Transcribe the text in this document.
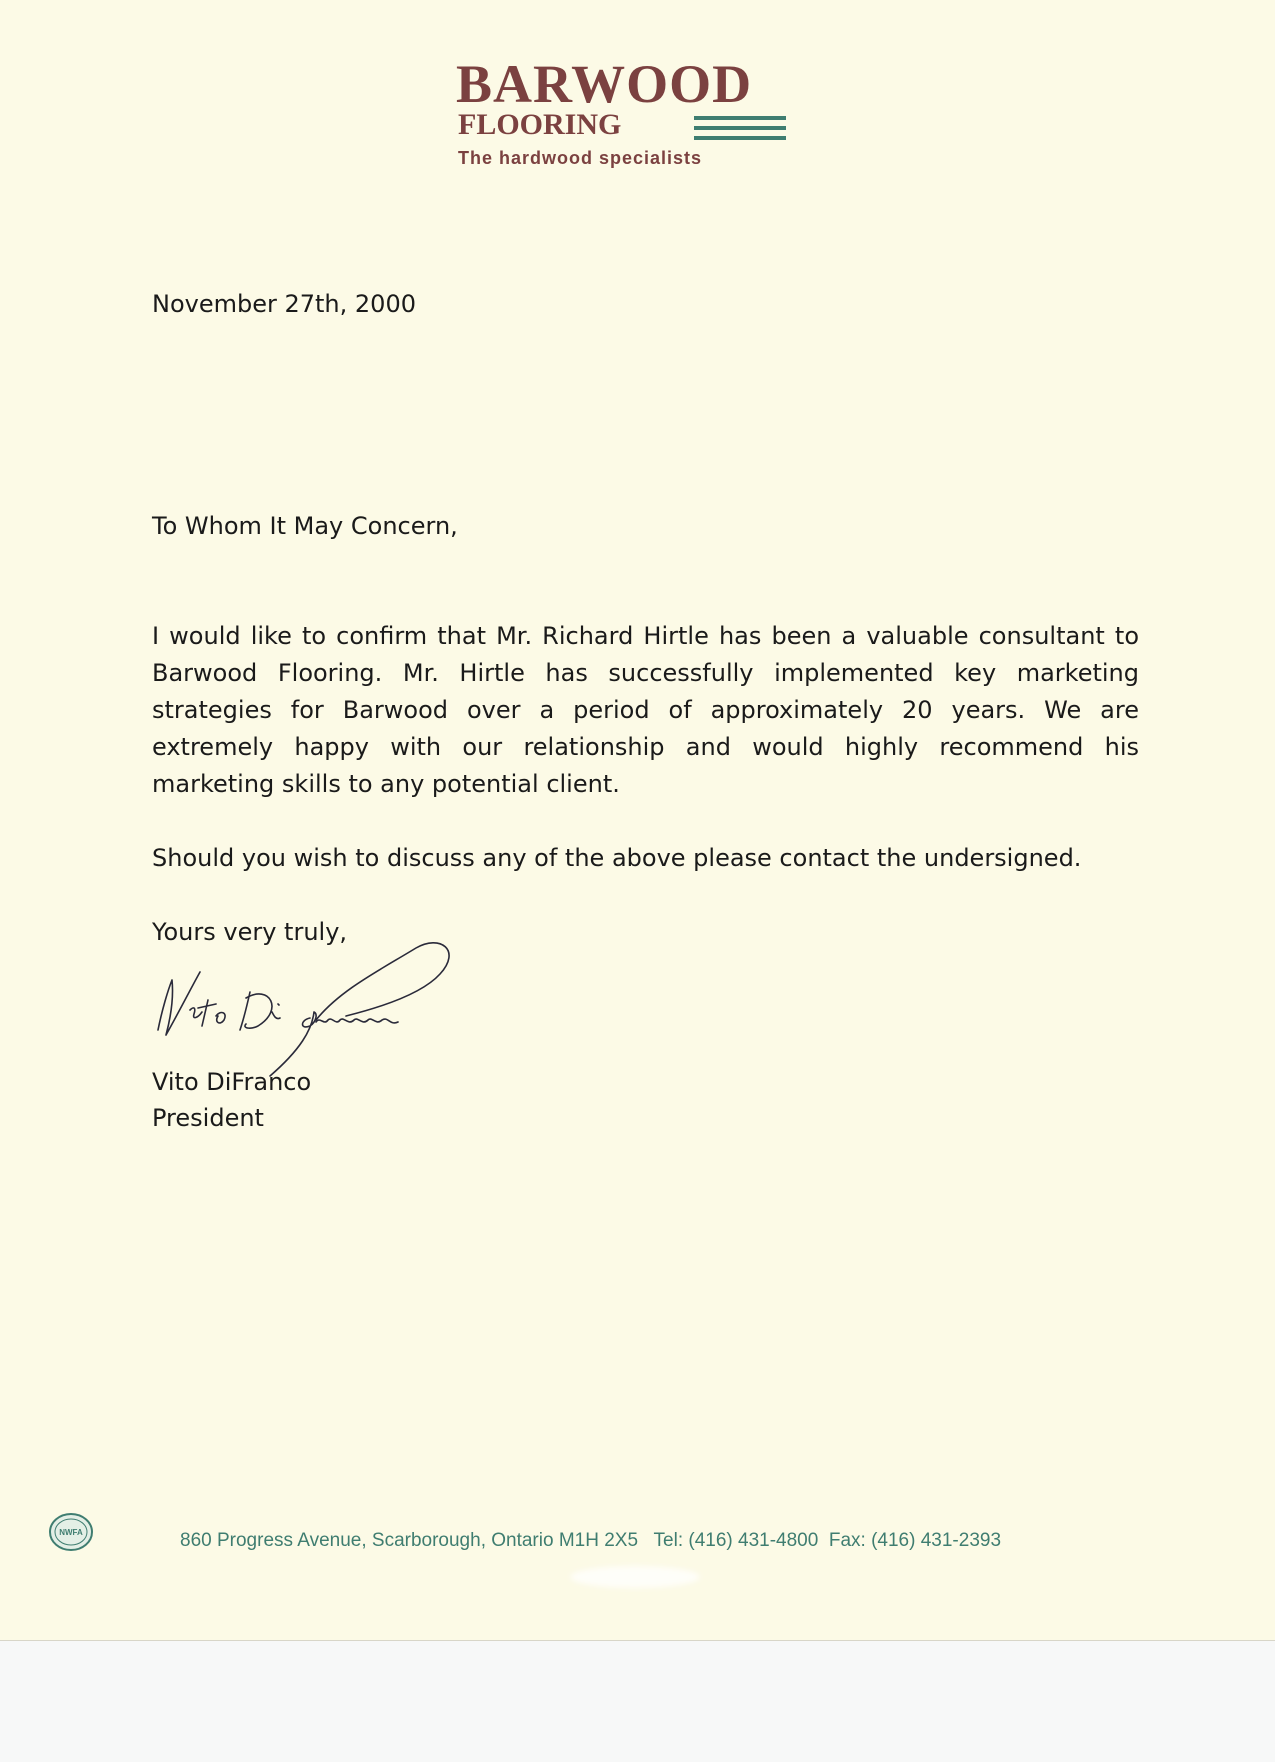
BARWOOD
FLOORING
The hardwood specialists
November 27th, 2000
To Whom It May Concern,

I would like to confirm that Mr. Richard Hirtle has been a valuable consultant to Barwood Flooring. Mr. Hirtle has successfully implemented key marketing strategies for Barwood over a period of approximately 20 years. We are extremely happy with our relationship and would highly recommend his marketing skills to any potential client.

Should you wish to discuss any of the above please contact the undersigned.
Yours very truly,
Vito DiFranco
President
NWFA	860 Progress Avenue, Scarborough, Ontario M1H 2X5   Tel: (416) 431-4800  Fax: (416) 431-2393
